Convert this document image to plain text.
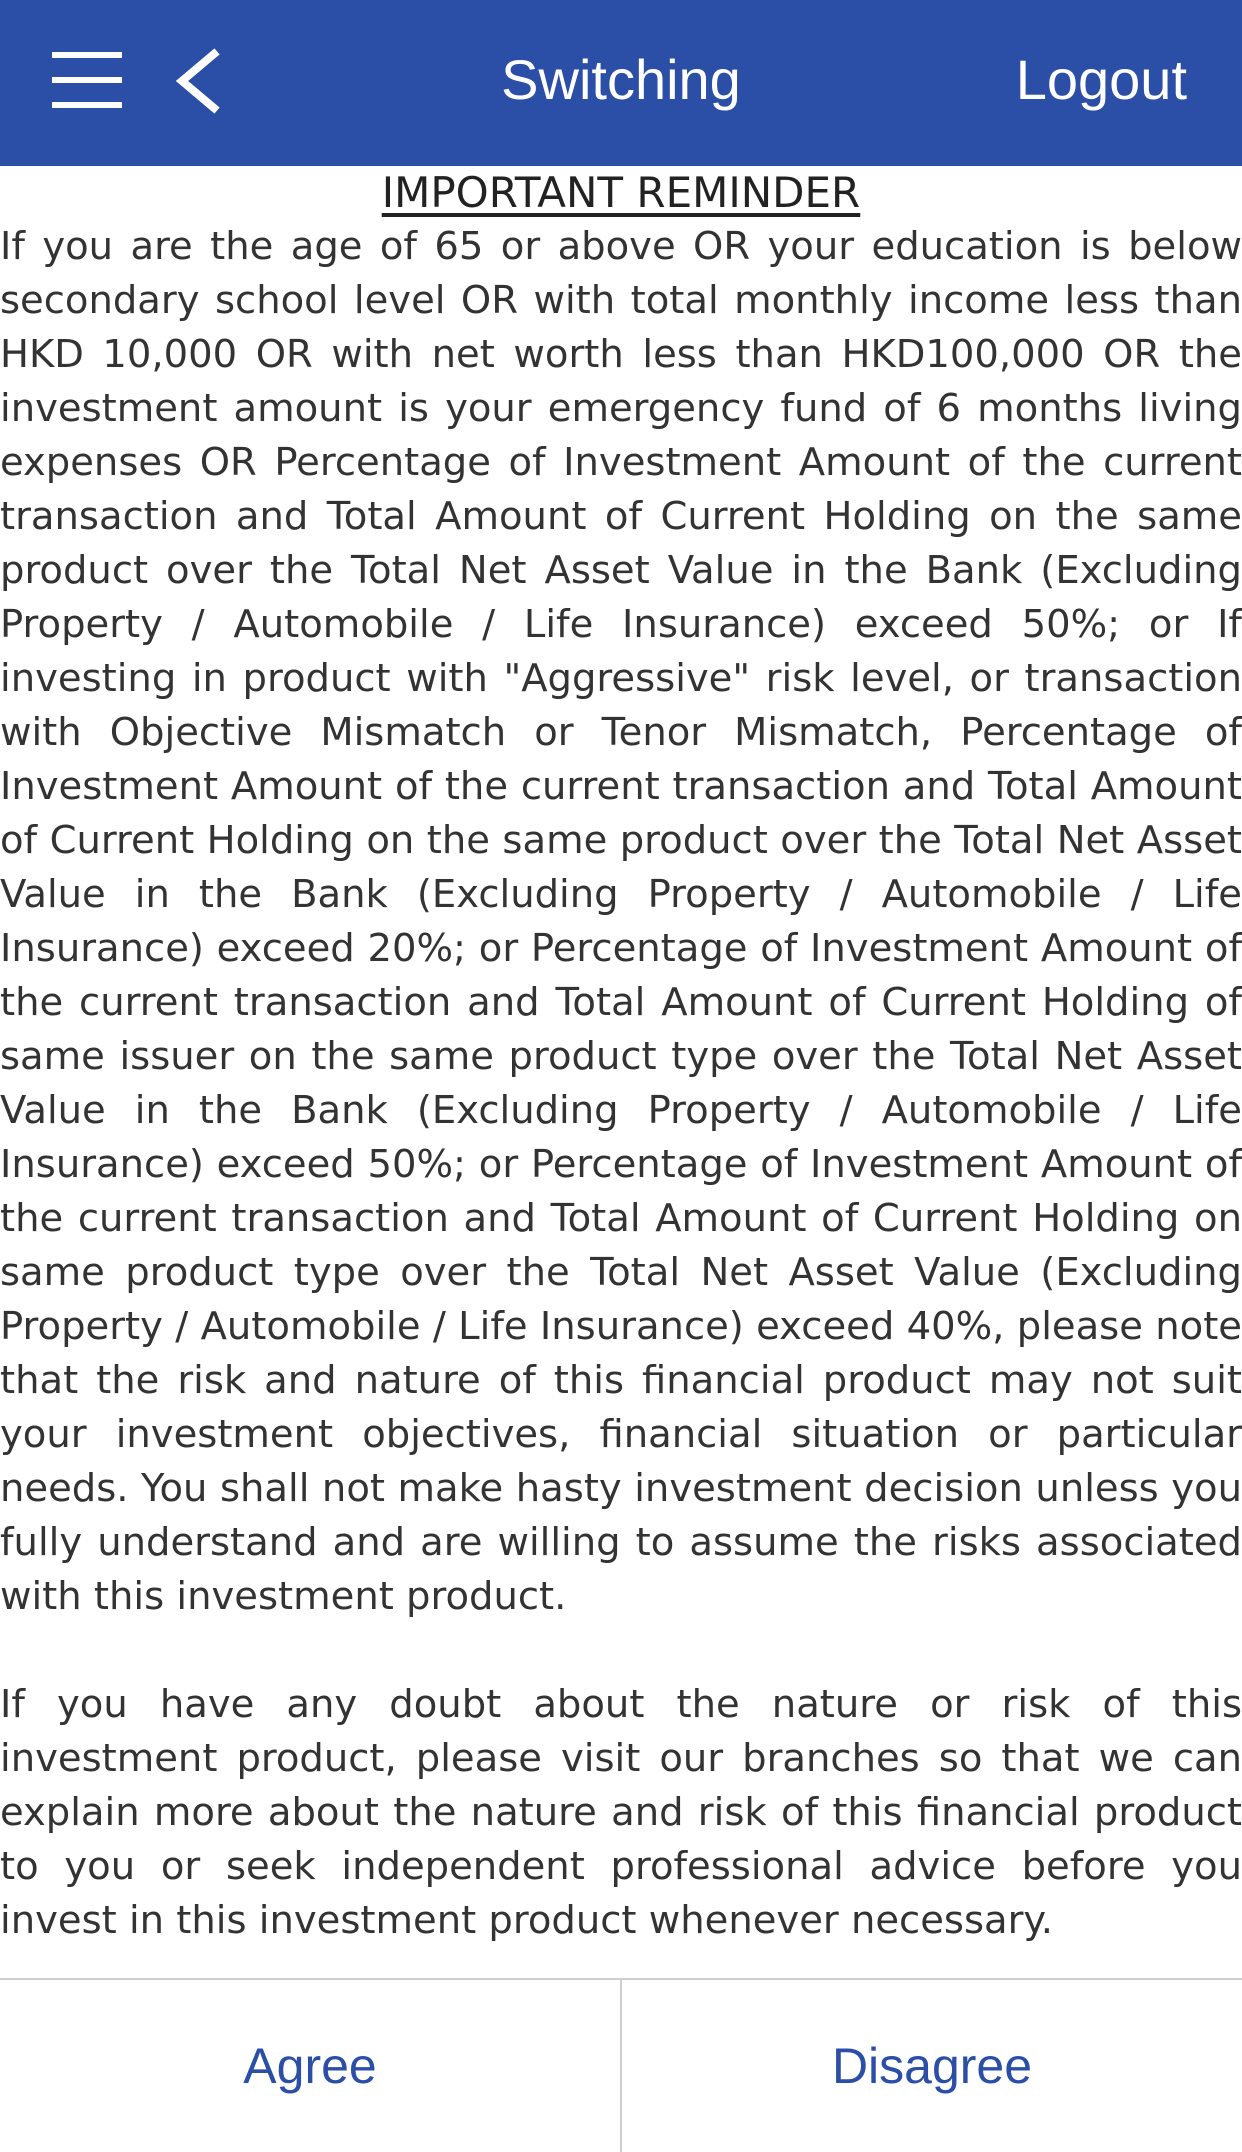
Switching	Logout
IMPORTANT REMINDER

If you are the age of 65 or above OR your education is below secondary school level OR with total monthly income less than HKD 10,000 OR with net worth less than HKD100,000 OR the investment amount is your emergency fund of 6 months living expenses OR Percentage of Investment Amount of the current transaction and Total Amount of Current Holding on the same product over the Total Net Asset Value in the Bank (Excluding Property / Automobile / Life Insurance) exceed 50%; or If investing in product with "Aggressive" risk level, or transaction with Objective Mismatch or Tenor Mismatch, Percentage of Investment Amount of the current transaction and Total Amount of Current Holding on the same product over the Total Net Asset Value in the Bank (Excluding Property / Automobile / Life Insurance) exceed 20%; or Percentage of Investment Amount of the current transaction and Total Amount of Current Holding of same issuer on the same product type over the Total Net Asset Value in the Bank (Excluding Property / Automobile / Life Insurance) exceed 50%; or Percentage of Investment Amount of the current transaction and Total Amount of Current Holding on same product type over the Total Net Asset Value (Excluding Property / Automobile / Life Insurance) exceed 40%, please note that the risk and nature of this financial product may not suit your investment objectives, financial situation or particular needs. You shall not make hasty investment decision unless you fully understand and are willing to assume the risks associated with this investment product.

If you have any doubt about the nature or risk of this investment product, please visit our branches so that we can explain more about the nature and risk of this financial product to you or seek independent professional advice before you invest in this investment product whenever necessary.

Agree	Disagree
